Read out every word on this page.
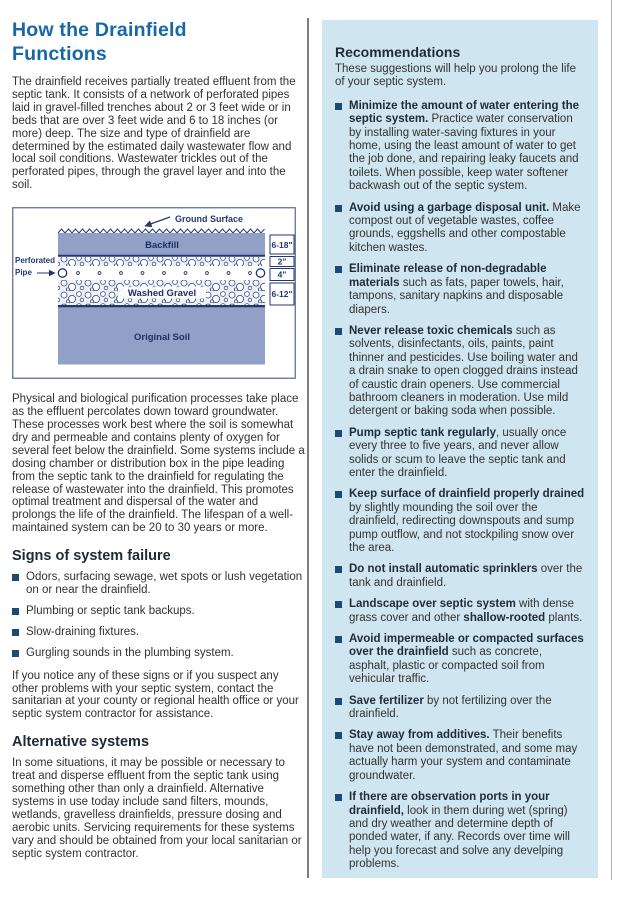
How the Drainfield Functions

The drainfield receives partially treated effluent from the septic tank. It consists of a network of perforated pipes laid in gravel-filled trenches about 2 or 3 feet wide or in beds that are over 3 feet wide and 6 to 18 inches (or more) deep. The size and type of drainfield are determined by the estimated daily wastewater flow and local soil conditions. Wastewater trickles out of the perforated pipes, through the gravel layer and into the soil.

Ground Surface
Backfill
Washed Gravel
Original Soil
Perforated
Pipe
6-18"
2"
4"
6-12"

Physical and biological purification processes take place as the effluent percolates down toward groundwater. These processes work best where the soil is somewhat dry and permeable and contains plenty of oxygen for several feet below the drainfield. Some systems include a dosing chamber or distribution box in the pipe leading from the septic tank to the drainfield for regulating the release of wastewater into the drainfield. This promotes optimal treatment and dispersal of the water and prolongs the life of the drainfield. The lifespan of a well-maintained system can be 20 to 30 years or more.

Signs of system failure
Odors, surfacing sewage, wet spots or lush vegetation on or near the drainfield.
Plumbing or septic tank backups.
Slow-draining fixtures.
Gurgling sounds in the plumbing system.

If you notice any of these signs or if you suspect any other problems with your septic system, contact the sanitarian at your county or regional health office or your septic system contractor for assistance.

Alternative systems

In some situations, it may be possible or necessary to treat and disperse effluent from the septic tank using something other than only a drainfield. Alternative systems in use today include sand filters, mounds, wetlands, gravelless drainfields, pressure dosing and aerobic units. Servicing requirements for these systems vary and should be obtained from your local sanitarian or septic system contractor.

Recommendations

These suggestions will help you prolong the life of your septic system.

Minimize the amount of water entering the septic system. Practice water conservation by installing water-saving fixtures in your home, using the least amount of water to get the job done, and repairing leaky faucets and toilets. When possible, keep water softener backwash out of the septic system.

Avoid using a garbage disposal unit. Make compost out of vegetable wastes, coffee grounds, eggshells and other compostable kitchen wastes.

Eliminate release of non-degradable materials such as fats, paper towels, hair, tampons, sanitary napkins and disposable diapers.

Never release toxic chemicals such as solvents, disinfectants, oils, paints, paint thinner and pesticides. Use boiling water and a drain snake to open clogged drains instead of caustic drain openers. Use commercial bathroom cleaners in moderation. Use mild detergent or baking soda when possible.

Pump septic tank regularly, usually once every three to five years, and never allow solids or scum to leave the septic tank and enter the drainfield.

Keep surface of drainfield properly drained by slightly mounding the soil over the drainfield, redirecting downspouts and sump pump outflow, and not stockpiling snow over the area.

Do not install automatic sprinklers over the tank and drainfield.

Landscape over septic system with dense grass cover and other shallow-rooted plants.

Avoid impermeable or compacted surfaces over the drainfield such as concrete, asphalt, plastic or compacted soil from vehicular traffic.

Save fertilizer by not fertilizing over the drainfield.

Stay away from additives. Their benefits have not been demonstrated, and some may actually harm your system and contaminate groundwater.

If there are observation ports in your drainfield, look in them during wet (spring) and dry weather and determine depth of ponded water, if any. Records over time will help you forecast and solve any develping problems.
